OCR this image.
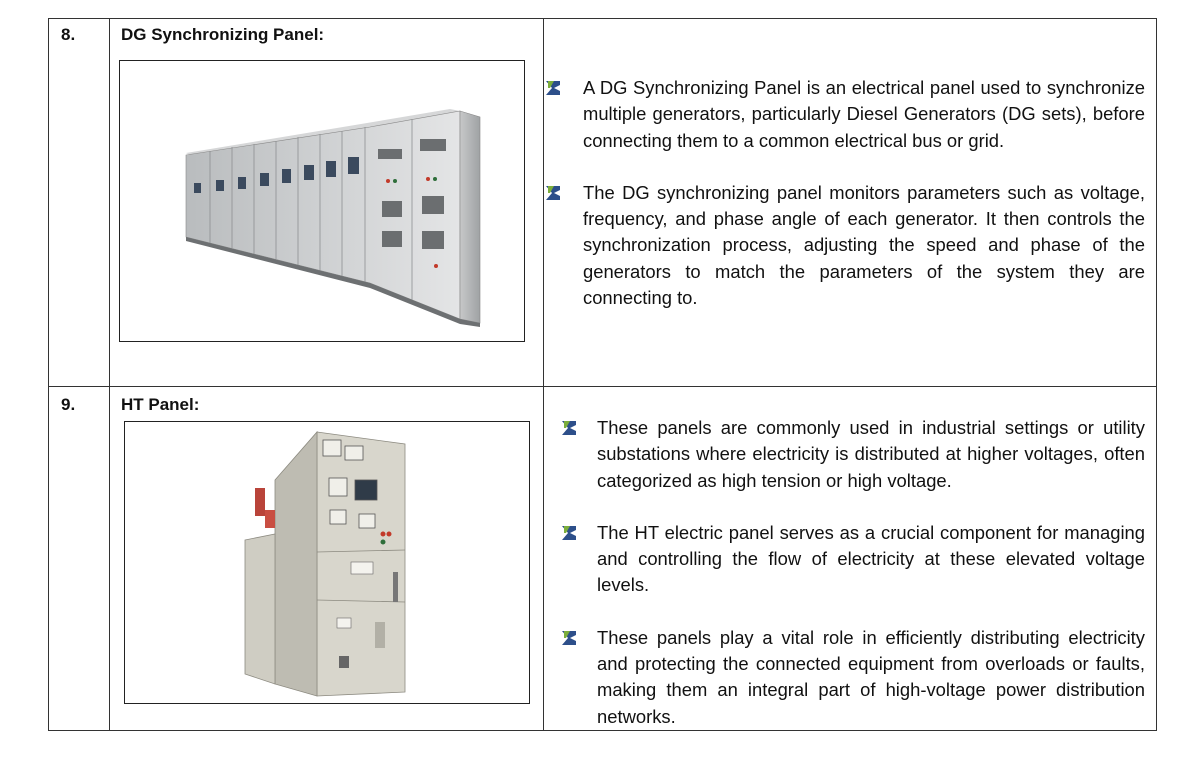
8.	DG Synchronizing Panel:
A DG Synchronizing Panel is an electrical panel used to synchronize multiple generators, particularly Diesel Generators (DG sets), before connecting them to a common electrical bus or grid.
The DG synchronizing panel monitors parameters such as voltage, frequency, and phase angle of each generator. It then controls the synchronization process, adjusting the speed and phase of the generators to match the parameters of the system they are connecting to.
9.	HT Panel:
These panels are commonly used in industrial settings or utility substations where electricity is distributed at higher voltages, often categorized as high tension or high voltage.
The HT electric panel serves as a crucial component for managing and controlling the flow of electricity at these elevated voltage levels.
These panels play a vital role in efficiently distributing electricity and protecting the connected equipment from overloads or faults, making them an integral part of high-voltage power distribution networks.
